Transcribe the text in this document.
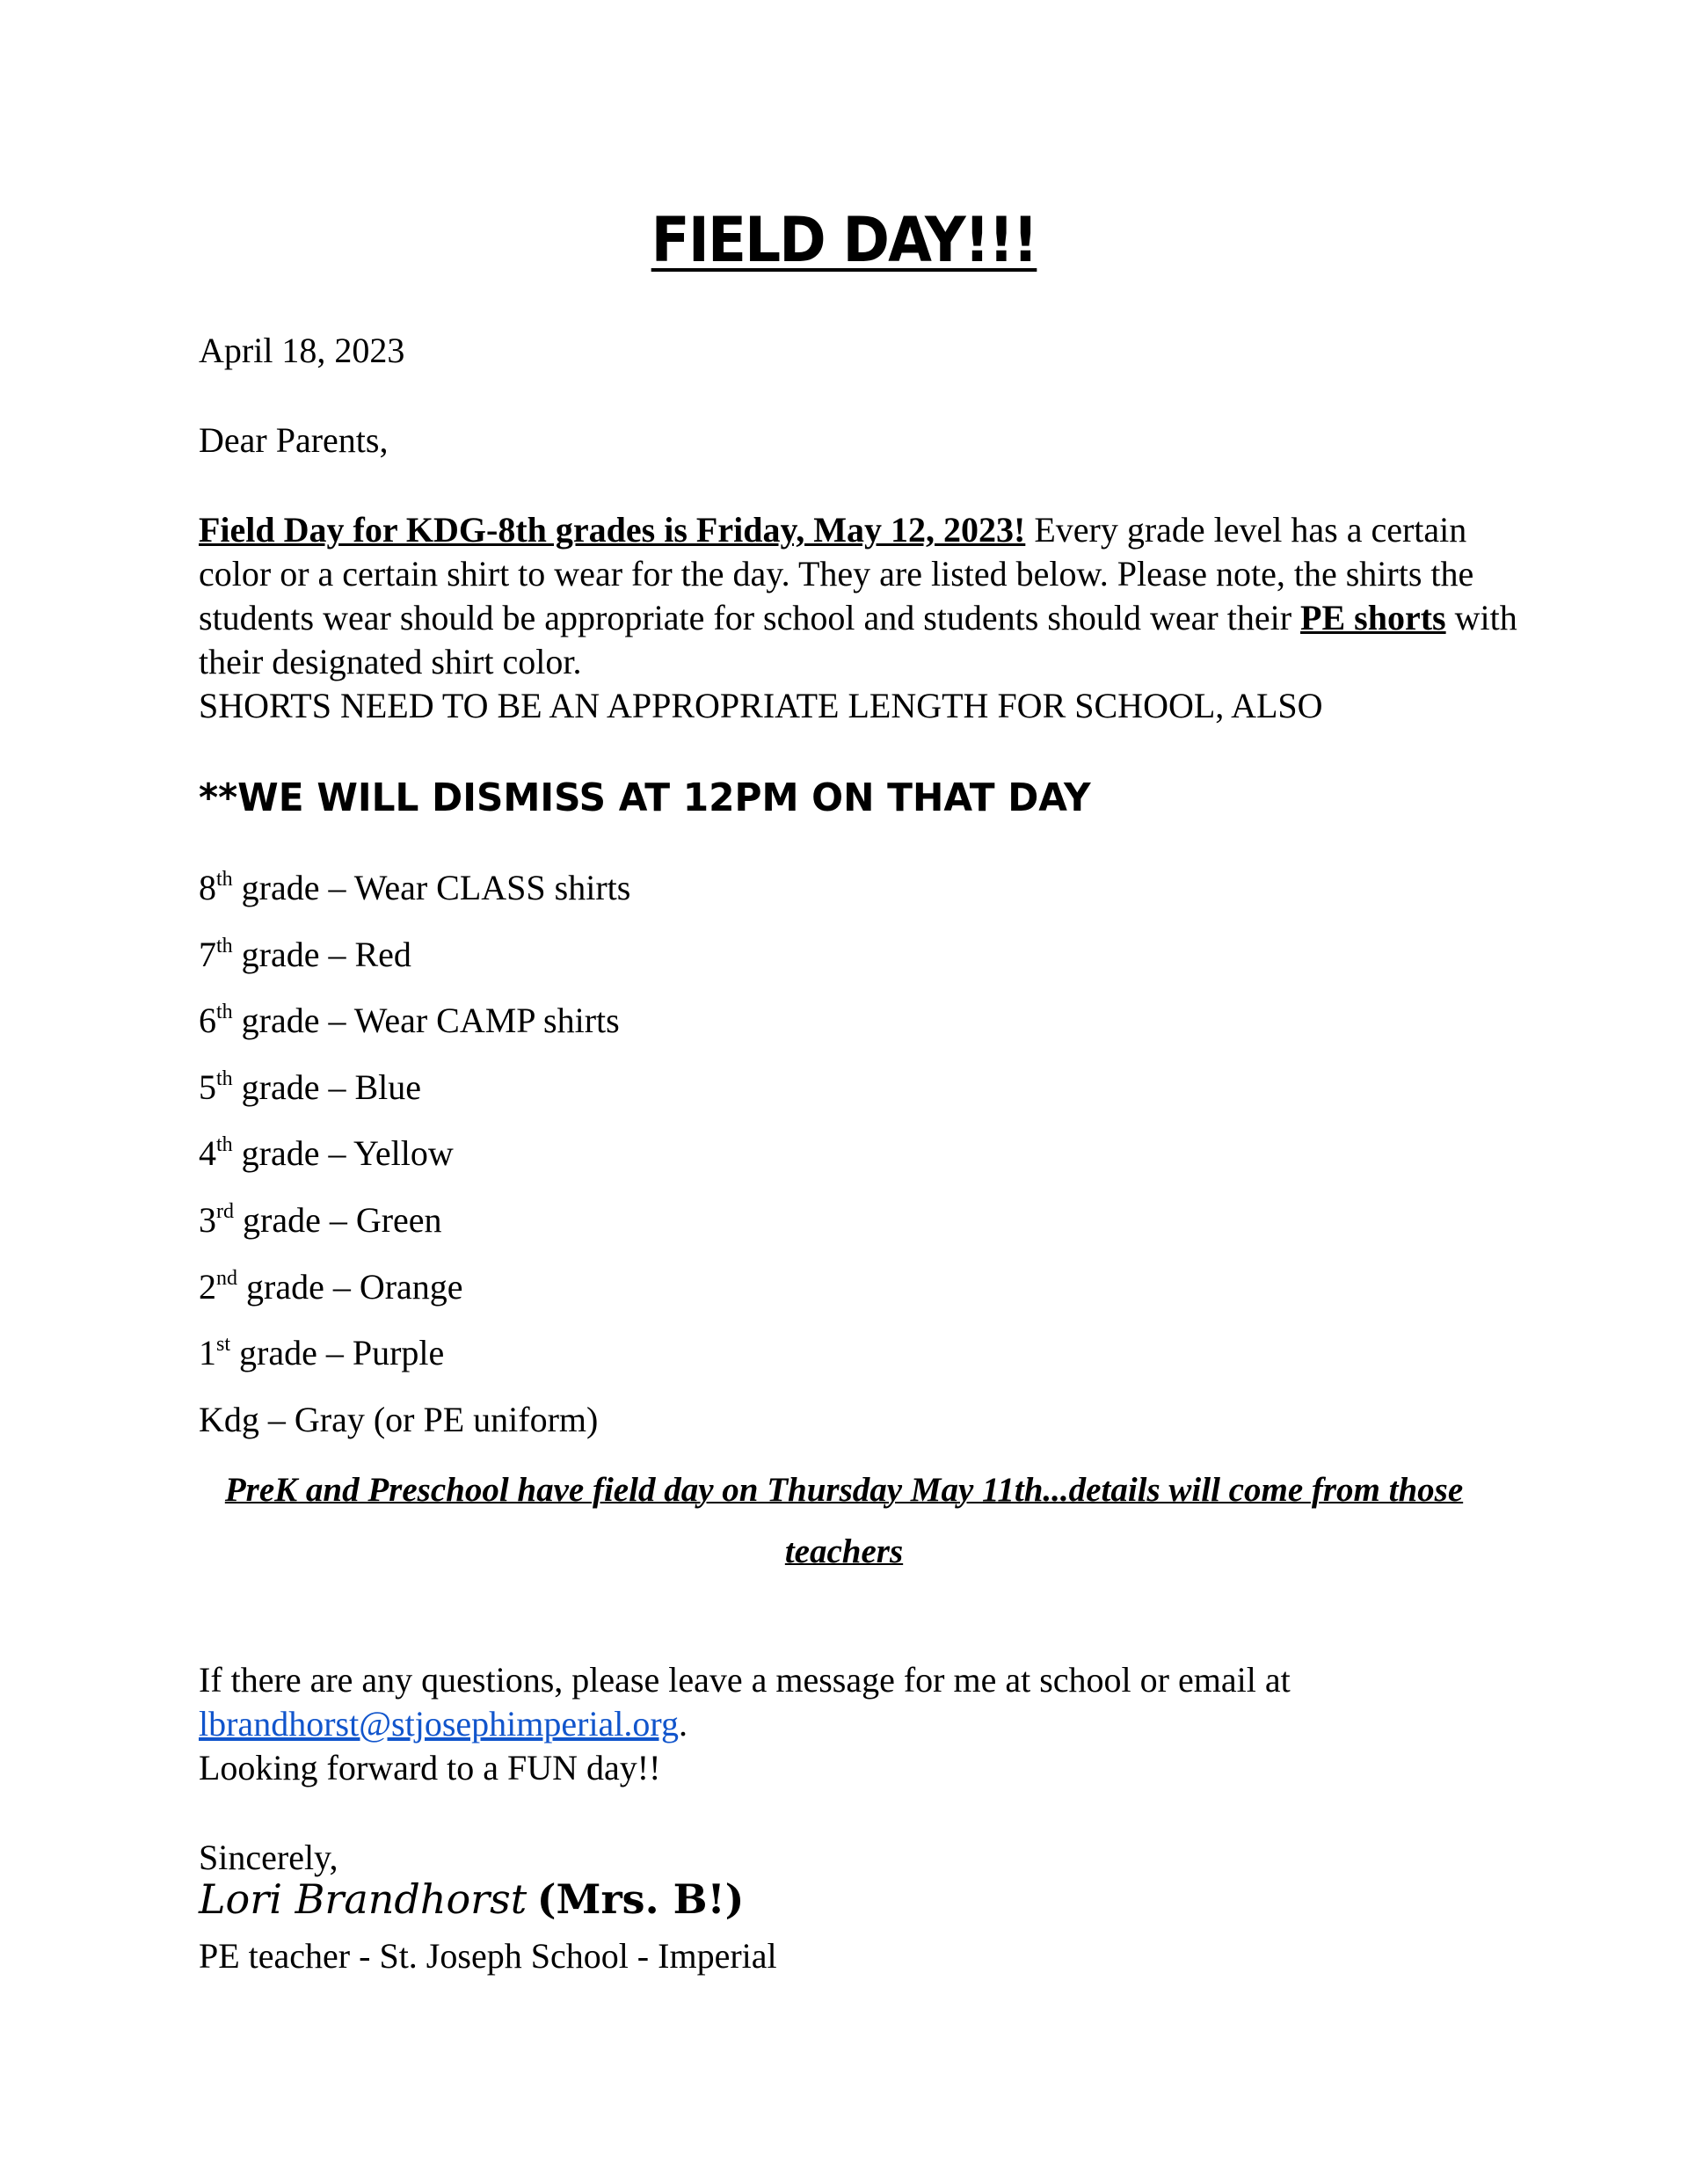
FIELD DAY!!!
April 18, 2023
Dear Parents,

Field Day for KDG-8th grades is Friday, May 12, 2023! Every grade level has a certain color or a certain shirt to wear for the day. They are listed below. Please note, the shirts the students wear should be appropriate for school and students should wear their PE shorts with their designated shirt color.

SHORTS NEED TO BE AN APPROPRIATE LENGTH FOR SCHOOL, ALSO

**WE WILL DISMISS AT 12PM ON THAT DAY
8th grade – Wear CLASS shirts
7th grade – Red
6th grade – Wear CAMP shirts
5th grade – Blue
4th grade – Yellow
3rd grade – Green
2nd grade – Orange
1st grade – Purple
Kdg – Gray (or PE uniform)
PreK and Preschool have field day on Thursday May 11th...details will come from those teachers

If there are any questions, please leave a message for me at school or email at
lbrandhorst@stjosephimperial.org.

Looking forward to a FUN day!!

Sincerely,
Lori Brandhorst (Mrs. B!)
PE teacher - St. Joseph School - Imperial
